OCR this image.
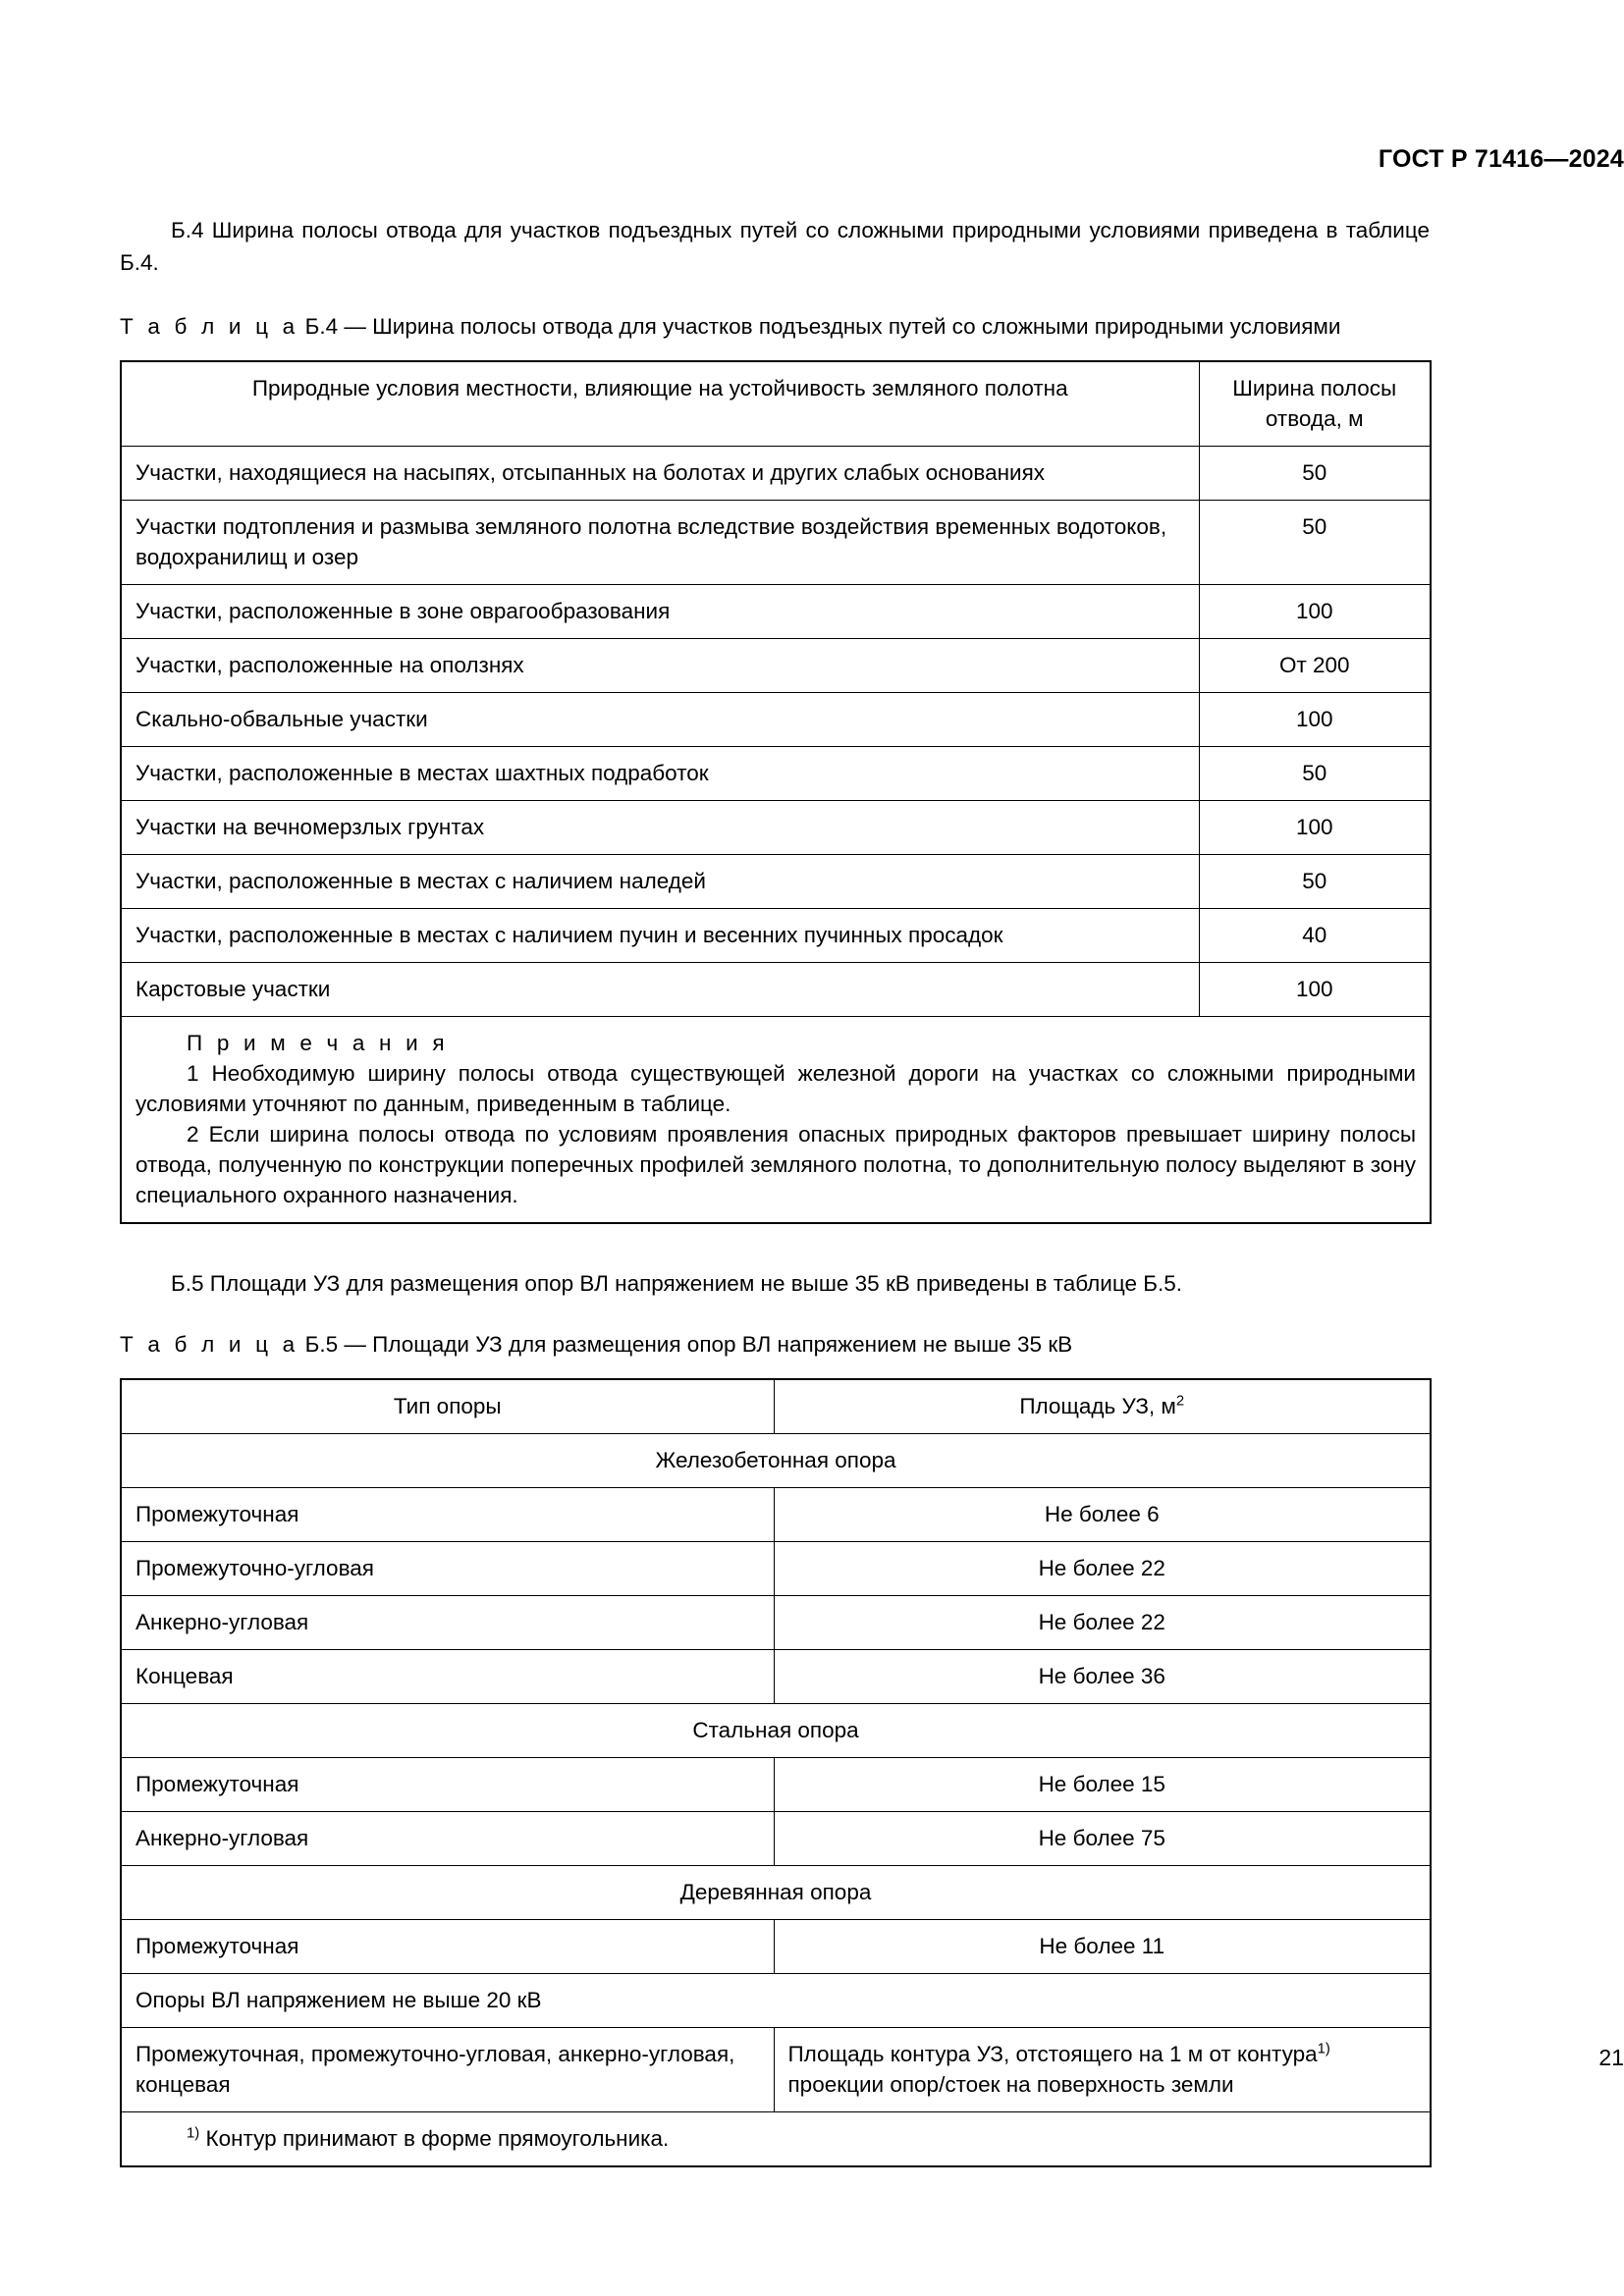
ГОСТ Р 71416—2024
Б.4 Ширина полосы отвода для участков подъездных путей со сложными природными условиями приведена в таблице Б.4.
Т а б л и ц а Б.4 — Ширина полосы отвода для участков подъездных путей со сложными природными условиями
Природные условия местности, влияющие на устойчивость земляного полотна	Ширина полосы
отвода, м

Участки, находящиеся на насыпях, отсыпанных на болотах и других слабых основаниях	50

Участки подтопления и размыва земляного полотна вследствие воздействия временных водотоков, водохранилищ и озер	50

Участки, расположенные в зоне оврагообразования	100

Участки, расположенные на оползнях	От 200

Скально-обвальные участки	100

Участки, расположенные в местах шахтных подработок	50

Участки на вечномерзлых грунтах	100

Участки, расположенные в местах с наличием наледей	50

Участки, расположенные в местах с наличием пучин и весенних пучинных просадок	40

Карстовые участки	100

П р и м е ч а н и я
1 Необходимую ширину полосы отвода существующей железной дороги на участках со сложными природными условиями уточняют по данным, приведенным в таблице.
2 Если ширина полосы отвода по условиям проявления опасных природных факторов превышает ширину полосы отвода, полученную по конструкции поперечных профилей земляного полотна, то дополнительную полосу выделяют в зону специального охранного назначения.	
Б.5 Площади УЗ для размещения опор ВЛ напряжением не выше 35 кВ приведены в таблице Б.5.
Т а б л и ц а Б.5 — Площади УЗ для размещения опор ВЛ напряжением не выше 35 кВ
Тип опоры	Площадь УЗ, $м^2$

Железобетонная опора	

Промежуточная	Не более 6

Промежуточно-угловая	Не более 22

Анкерно-угловая	Не более 22

Концевая	Не более 36

Стальная опора	

Промежуточная	Не более 15

Анкерно-угловая	Не более 75

Деревянная опора	

Промежуточная	Не более 11

Опоры ВЛ напряжением не выше 20 кВ	

Промежуточная, промежуточно-угловая, анкерно-угловая, концевая	Площадь контура УЗ, отстоящего на 1 м от контура$^{1)}$
проекции опор/стоек на поверхность земли

$^{1)}$ Контур принимают в форме прямоугольника.	
21
